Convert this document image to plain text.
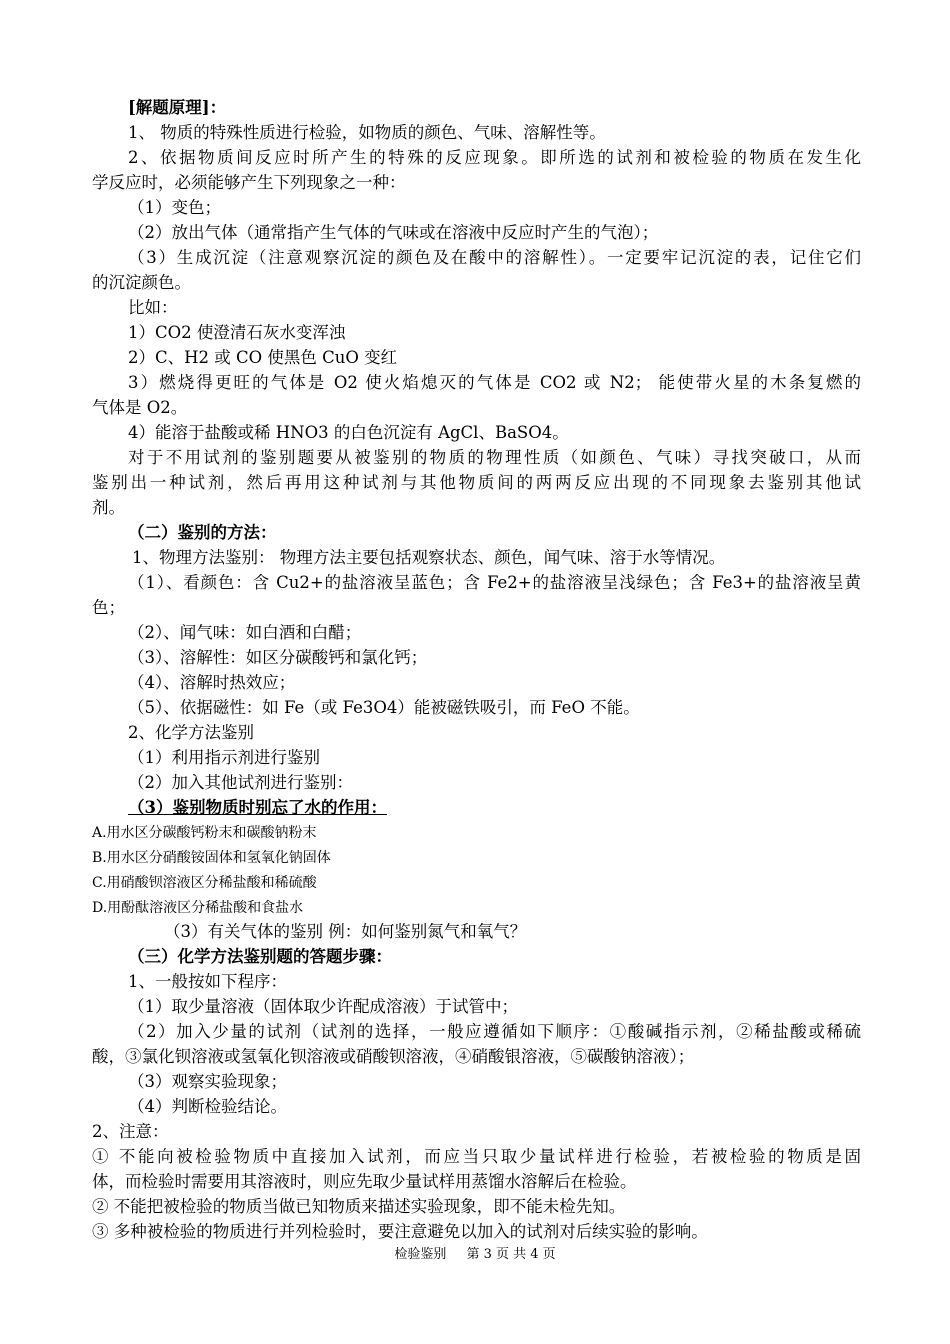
[解题原理]：
1、 物质的特殊性质进行检验，如物质的颜色、气味、溶解性等。
2、依据物质间反应时所产生的特殊的反应现象。即所选的试剂和被检验的物质在发生化
学反应时，必须能够产生下列现象之一种：
（1）变色；
（2）放出气体（通常指产生气体的气味或在溶液中反应时产生的气泡）；
（3）生成沉淀（注意观察沉淀的颜色及在酸中的溶解性）。一定要牢记沉淀的表，记住它们
的沉淀颜色。
比如：
1）CO2 使澄清石灰水变浑浊
2）C、H2 或 CO 使黑色 CuO 变红
3）燃烧得更旺的气体是 O2 使火焰熄灭的气体是 CO2 或 N2； 能使带火星的木条复燃的
气体是 O2。
4）能溶于盐酸或稀 HNO3 的白色沉淀有 AgCl、BaSO4。
对于不用试剂的鉴别题要从被鉴别的物质的物理性质（如颜色、气味）寻找突破口，从而
鉴别出一种试剂，然后再用这种试剂与其他物质间的两两反应出现的不同现象去鉴别其他试
剂。
（二）鉴别的方法：
1、物理方法鉴别： 物理方法主要包括观察状态、颜色，闻气味、溶于水等情况。
（1）、看颜色：含 Cu2+的盐溶液呈蓝色；含 Fe2+的盐溶液呈浅绿色；含 Fe3+的盐溶液呈黄
色；
（2）、闻气味：如白酒和白醋；
（3）、溶解性：如区分碳酸钙和氯化钙；
（4）、溶解时热效应；
（5）、依据磁性：如 Fe（或 Fe3O4）能被磁铁吸引，而 FeO 不能。
2、化学方法鉴别
（1）利用指示剂进行鉴别
（2）加入其他试剂进行鉴别：
（3）鉴别物质时别忘了水的作用：
A.用水区分碳酸钙粉末和碳酸钠粉末
B.用水区分硝酸铵固体和氢氧化钠固体
C.用硝酸钡溶液区分稀盐酸和稀硫酸
D.用酚酞溶液区分稀盐酸和食盐水
（3）有关气体的鉴别 例：如何鉴别氮气和氧气？
（三）化学方法鉴别题的答题步骤：
1、一般按如下程序：
（1）取少量溶液（固体取少许配成溶液）于试管中；
（2）加入少量的试剂（试剂的选择，一般应遵循如下顺序：①酸碱指示剂，②稀盐酸或稀硫
酸，③氯化钡溶液或氢氧化钡溶液或硝酸钡溶液，④硝酸银溶液，⑤碳酸钠溶液）；
（3）观察实验现象；
（4）判断检验结论。
2、注意：
① 不能向被检验物质中直接加入试剂，而应当只取少量试样进行检验，若被检验的物质是固
体，而检验时需要用其溶液时，则应先取少量试样用蒸馏水溶解后在检验。
② 不能把被检验的物质当做已知物质来描述实验现象，即不能未检先知。
③ 多种被检验的物质进行并列检验时，要注意避免以加入的试剂对后续实验的影响。
检验鉴别 第 3 页 共 4 页
